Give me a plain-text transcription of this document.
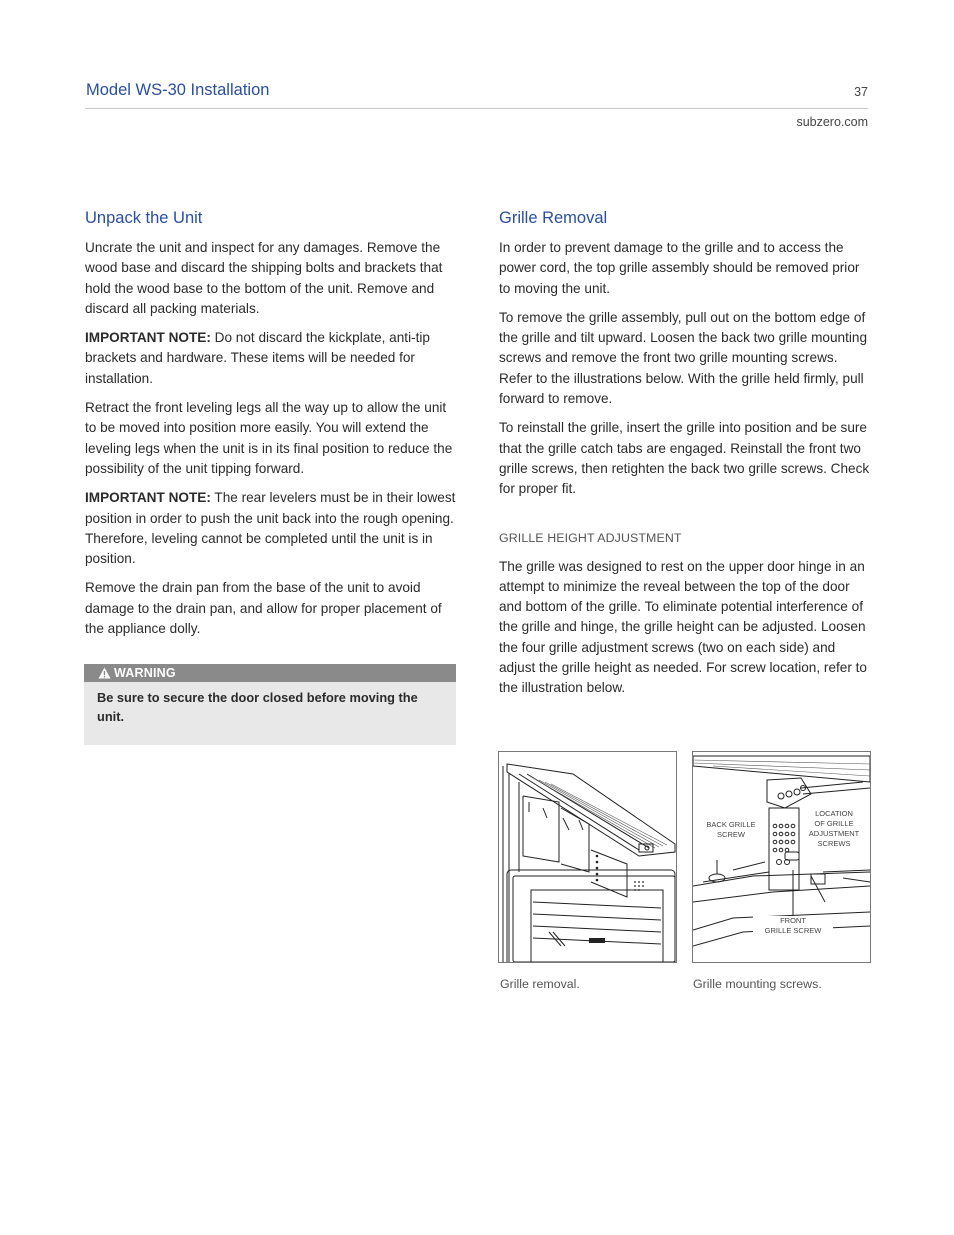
Model WS-30 Installation	37
subzero.com
Unpack the Unit

Uncrate the unit and inspect for any damages. Remove the wood base and discard the shipping bolts and brackets that hold the wood base to the bottom of the unit. Remove and discard all packing materials.

IMPORTANT NOTE: Do not discard the kickplate, anti-tip brackets and hardware. These items will be needed for installation.

Retract the front leveling legs all the way up to allow the unit to be moved into position more easily. You will extend the leveling legs when the unit is in its final position to reduce the possibility of the unit tipping forward.

IMPORTANT NOTE: The rear levelers must be in their lowest position in order to push the unit back into the rough opening. Therefore, leveling cannot be completed until the unit is in position.

Remove the drain pan from the base of the unit to avoid damage to the drain pan, and allow for proper placement of the appliance dolly.

WARNING
Be sure to secure the door closed before moving the unit.
Grille Removal

In order to prevent damage to the grille and to access the power cord, the top grille assembly should be removed prior to moving the unit.

To remove the grille assembly, pull out on the bottom edge of the grille and tilt upward. Loosen the back two grille mounting screws and remove the front two grille mounting screws. Refer to the illustrations below. With the grille held firmly, pull forward to remove.

To reinstall the grille, insert the grille into position and be sure that the grille catch tabs are engaged. Reinstall the front two grille screws, then retighten the back two grille screws. Check for proper fit.

GRILLE HEIGHT ADJUSTMENT

The grille was designed to rest on the upper door hinge in an attempt to minimize the reveal between the top of the door and bottom of the grille. To eliminate potential interference of the grille and hinge, the grille height can be adjusted. Loosen the four grille adjustment screws (two on each side) and adjust the grille height as needed. For screw location, refer to the illustration below.

Grille removal.
BACK GRILLE
SCREW
LOCATION
OF GRILLE
ADJUSTMENT
SCREWS
FRONT
GRILLE SCREW
Grille mounting screws.
